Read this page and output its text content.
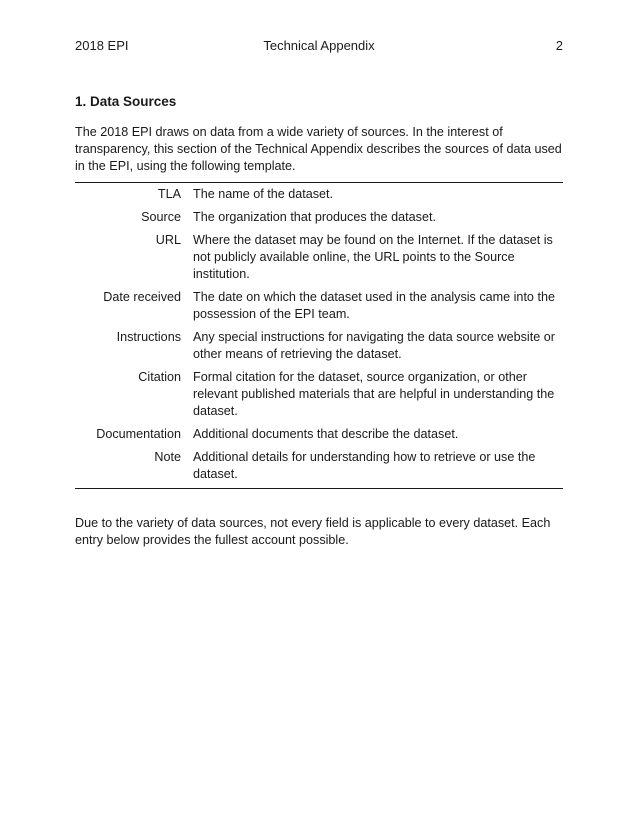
2018 EPI	Technical Appendix	2
1. Data Sources

The 2018 EPI draws on data from a wide variety of sources. In the interest of transparency, this section of the Technical Appendix describes the sources of data used in the EPI, using the following template.

TLA	The name of the dataset.
Source	The organization that produces the dataset.
URL	Where the dataset may be found on the Internet. If the dataset is not publicly available online, the URL points to the Source institution.
Date received	The date on which the dataset used in the analysis came into the possession of the EPI team.
Instructions	Any special instructions for navigating the data source website or other means of retrieving the dataset.
Citation	Formal citation for the dataset, source organization, or other relevant published materials that are helpful in understanding the dataset.
Documentation	Additional documents that describe the dataset.
Note	Additional details for understanding how to retrieve or use the dataset.

Due to the variety of data sources, not every field is applicable to every dataset. Each entry below provides the fullest account possible.
